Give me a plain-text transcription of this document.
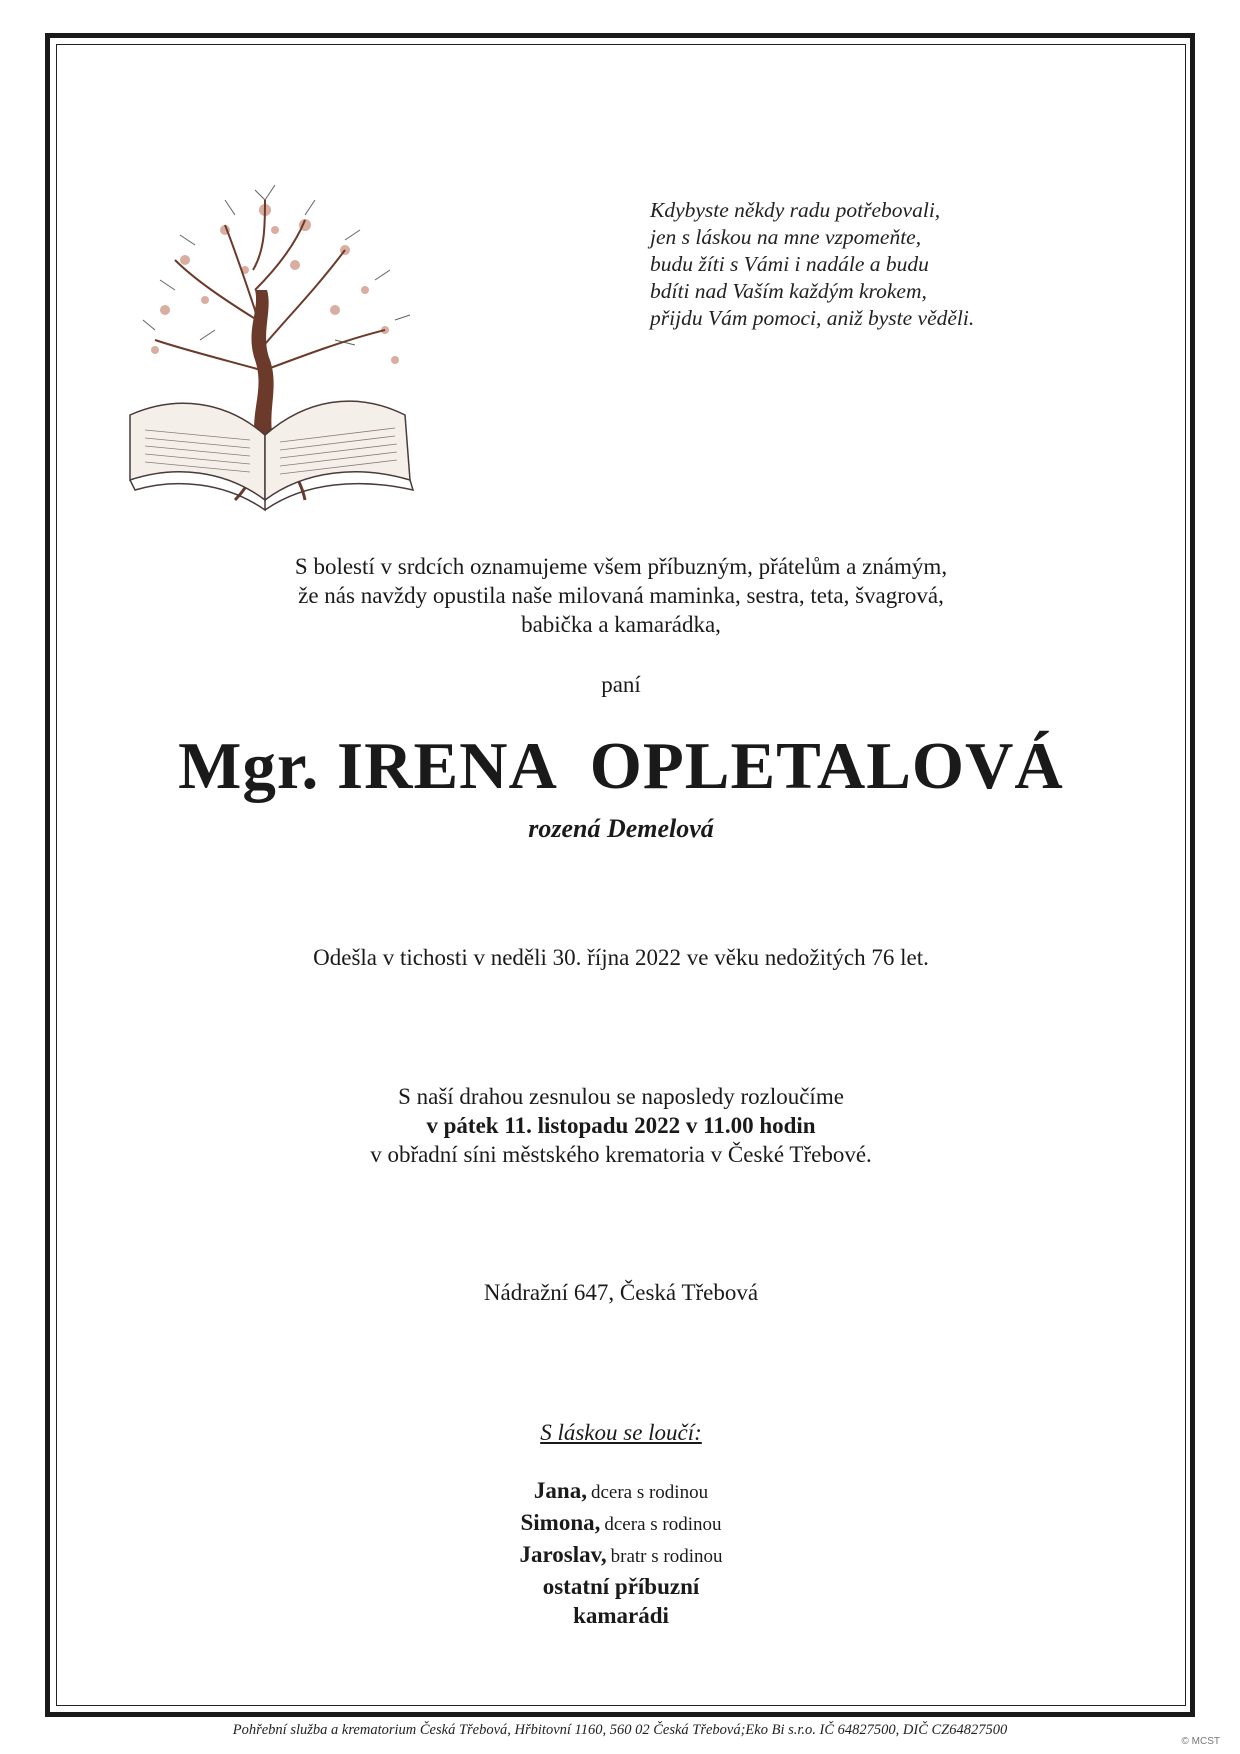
Kdybyste někdy radu potřebovali,
jen s láskou na mne vzpomeňte,
budu žíti s Vámi i nadále a budu
bdíti nad Vaším každým krokem,
přijdu Vám pomoci, aniž byste věděli.
S bolestí v srdcích oznamujeme všem příbuzným, přátelům a známým,
že nás navždy opustila naše milovaná maminka, sestra, teta, švagrová,
babička a kamarádka,
paní
Mgr. IRENA  OPLETALOVÁ
rozená Demelová
Odešla v tichosti v neděli 30. října 2022 ve věku nedožitých 76 let.
S naší drahou zesnulou se naposledy rozloučíme
v pátek 11. listopadu 2022 v 11.00 hodin
v obřadní síni městského krematoria v České Třebové.
Nádražní 647, Česká Třebová
S láskou se loučí:
Jana, dcera s rodinou
Simona, dcera s rodinou
Jaroslav, bratr s rodinou
ostatní příbuzní
kamarádi
Pohřební služba a krematorium Česká Třebová, Hřbitovní 1160, 560 02 Česká Třebová;Eko Bi s.r.o. IČ 64827500, DIČ CZ64827500
© MCST
